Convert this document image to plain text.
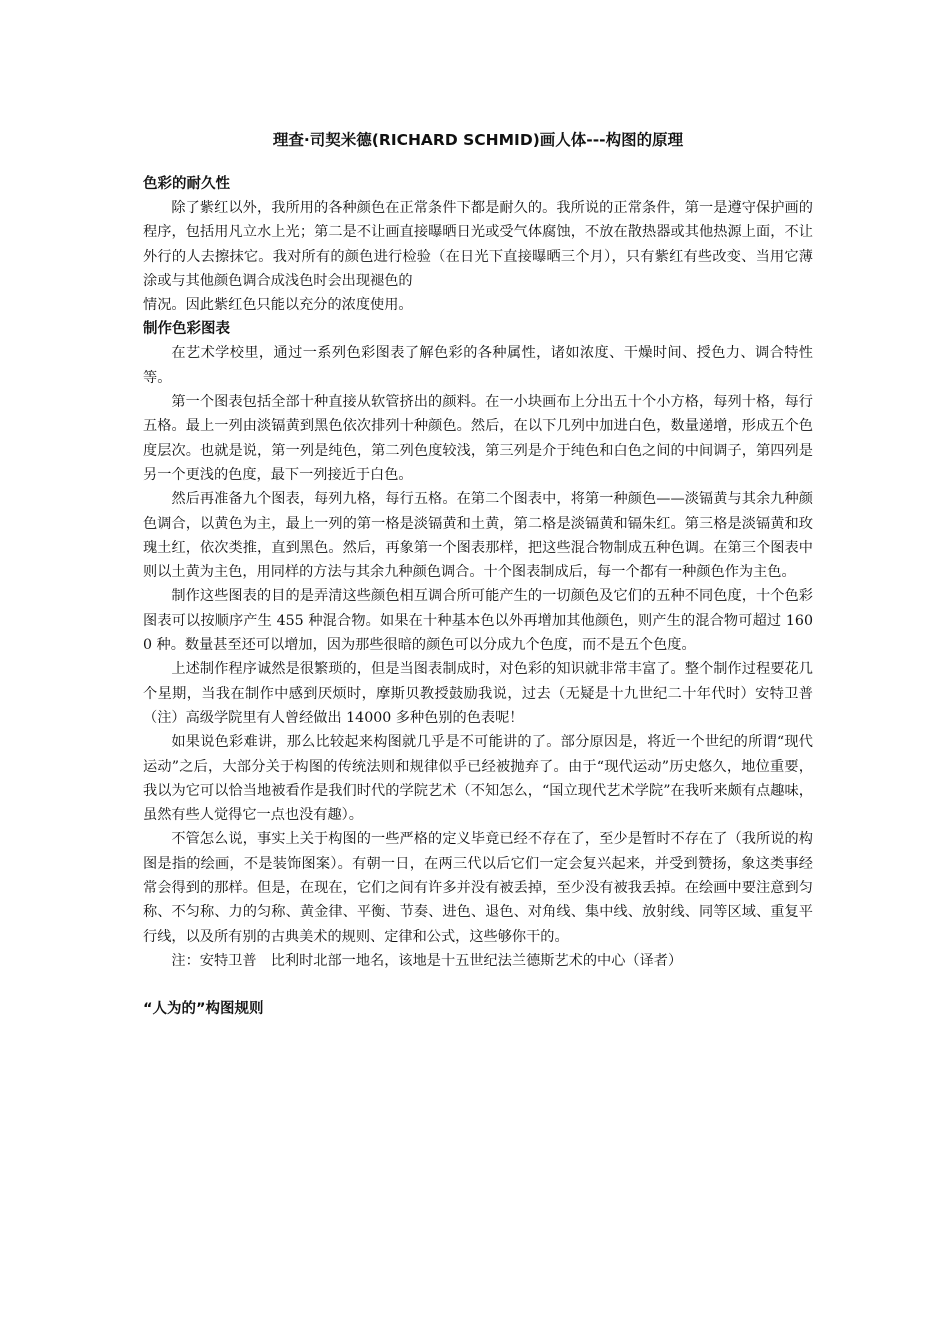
理查·司契米德(RICHARD SCHMID)画人体---构图的原理
色彩的耐久性

除了紫红以外，我所用的各种颜色在正常条件下都是耐久的。我所说的正常条件，第一是遵守保护画的程序，包括用凡立水上光；第二是不让画直接曝晒日光或受气体腐蚀，不放在散热器或其他热源上面，不让外行的人去擦抹它。我对所有的颜色进行检验（在日光下直接曝晒三个月），只有紫红有些改变、当用它薄涂或与其他颜色调合成浅色时会出现褪色的

情况。因此紫红色只能以充分的浓度使用。

制作色彩图表

在艺术学校里，通过一系列色彩图表了解色彩的各种属性，诸如浓度、干燥时间、授色力、调合特性等。

第一个图表包括全部十种直接从软管挤出的颜料。在一小块画布上分出五十个小方格，每列十格，每行五格。最上一列由淡镉黄到黑色依次排列十种颜色。然后，在以下几列中加进白色，数量递增，形成五个色度层次。也就是说，第一列是纯色，第二列色度较浅，第三列是介于纯色和白色之间的中间调子，第四列是另一个更浅的色度，最下一列接近于白色。

然后再准备九个图表，每列九格，每行五格。在第二个图表中，将第一种颜色——淡镉黄与其余九种颜色调合，以黄色为主，最上一列的第一格是淡镉黄和土黄，第二格是淡镉黄和镉朱红。第三格是淡镉黄和玫瑰土红，依次类推，直到黑色。然后，再象第一个图表那样，把这些混合物制成五种色调。在第三个图表中则以土黄为主色，用同样的方法与其余九种颜色调合。十个图表制成后，每一个都有一种颜色作为主色。

制作这些图表的目的是弄清这些颜色相互调合所可能产生的一切颜色及它们的五种不同色度，十个色彩图表可以按顺序产生 455 种混合物。如果在十种基本色以外再增加其他颜色，则产生的混合物可超过 1600 种。数量甚至还可以增加，因为那些很暗的颜色可以分成九个色度，而不是五个色度。

上述制作程序诚然是很繁琐的，但是当图表制成时，对色彩的知识就非常丰富了。整个制作过程要花几个星期，当我在制作中感到厌烦时，摩斯贝教授鼓励我说，过去（无疑是十九世纪二十年代时）安特卫普（注）高级学院里有人曾经做出 14000 多种色别的色表呢！

如果说色彩难讲，那么比较起来构图就几乎是不可能讲的了。部分原因是，将近一个世纪的所谓“现代运动”之后，大部分关于构图的传统法则和规律似乎已经被抛弃了。由于“现代运动”历史悠久，地位重要，我以为它可以恰当地被看作是我们时代的学院艺术（不知怎么，“国立现代艺术学院”在我听来颇有点趣味，虽然有些人觉得它一点也没有趣）。

不管怎么说，事实上关于构图的一些严格的定义毕竟已经不存在了，至少是暂时不存在了（我所说的构图是指的绘画，不是装饰图案）。有朝一日，在两三代以后它们一定会复兴起来，并受到赞扬，象这类事经常会得到的那样。但是，在现在，它们之间有许多并没有被丢掉，至少没有被我丢掉。在绘画中要注意到匀称、不匀称、力的匀称、黄金律、平衡、节奏、进色、退色、对角线、集中线、放射线、同等区域、重复平行线，以及所有别的古典美术的规则、定律和公式，这些够你干的。

注：安特卫普　比利时北部一地名，该地是十五世纪法兰德斯艺术的中心（译者）

“人为的”构图规则
